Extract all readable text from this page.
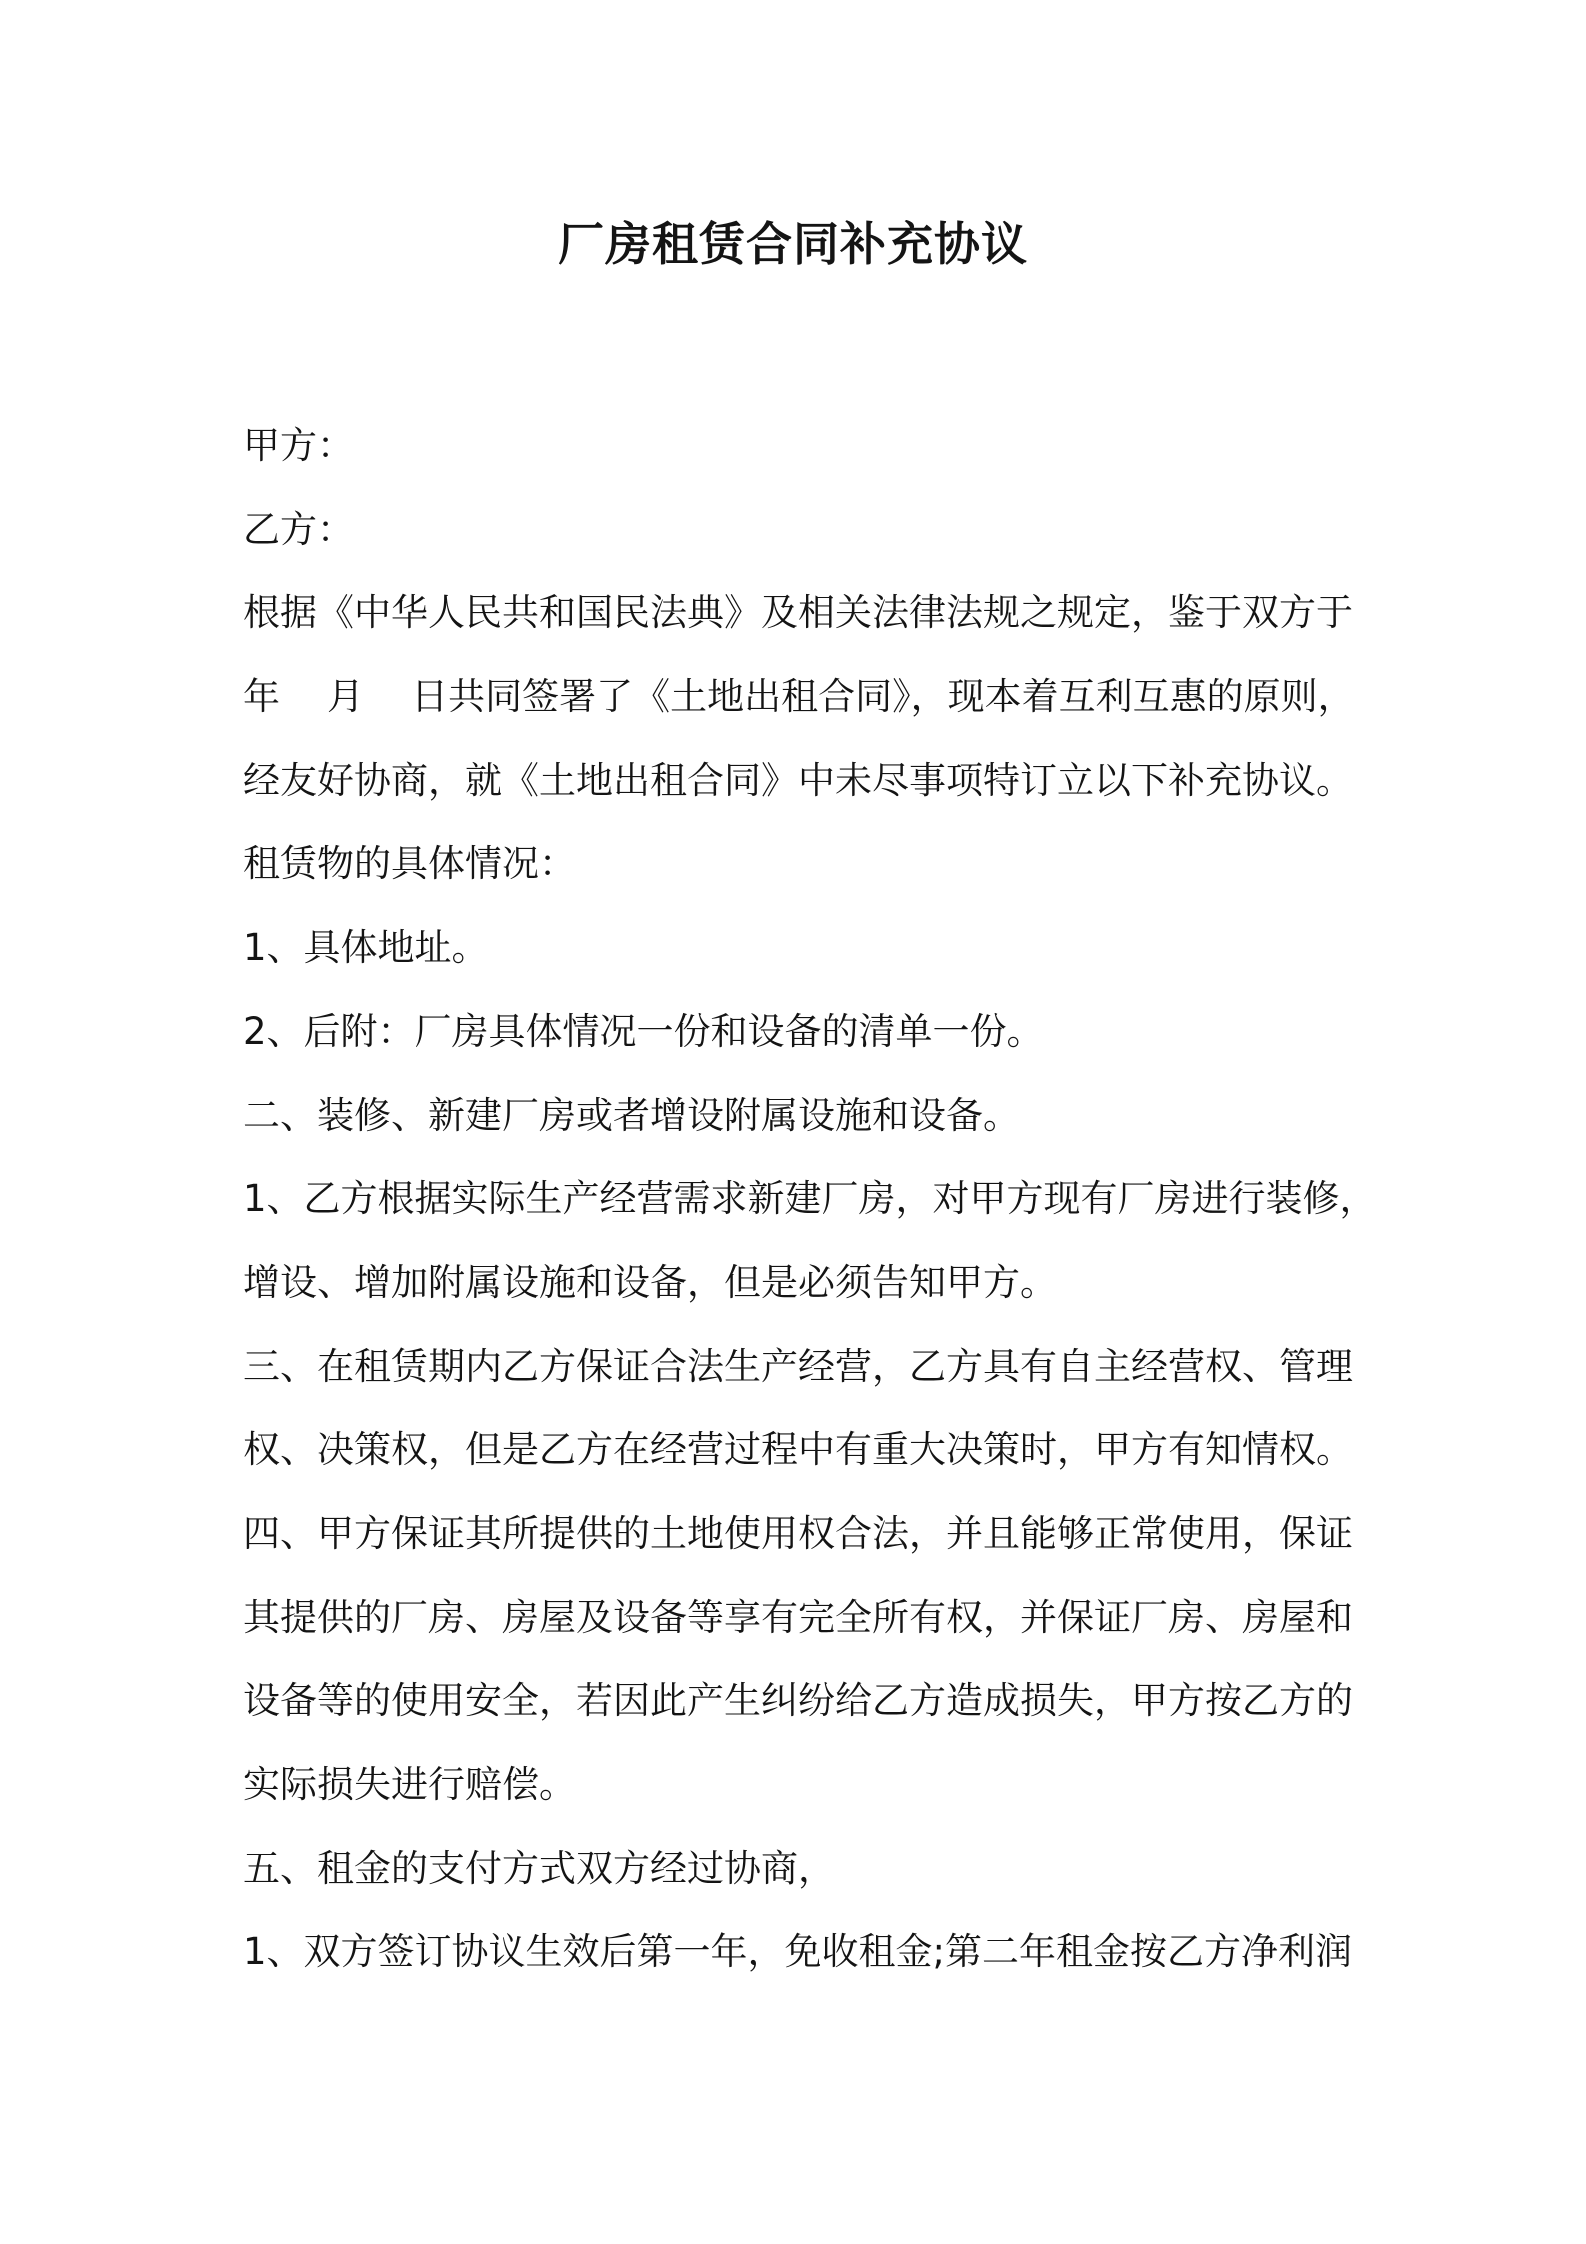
厂房租赁合同补充协议

甲方：

乙方：

根据《中华人民共和国民法典》及相关法律法规之规定，鉴于双方于

年    月    日共同签署了《土地出租合同》，现本着互利互惠的原则，

经友好协商，就《土地出租合同》中未尽事项特订立以下补充协议。

租赁物的具体情况：

1、具体地址。

2、后附：厂房具体情况一份和设备的清单一份。

二、装修、新建厂房或者增设附属设施和设备。

1、乙方根据实际生产经营需求新建厂房，对甲方现有厂房进行装修，

增设、增加附属设施和设备，但是必须告知甲方。

三、在租赁期内乙方保证合法生产经营，乙方具有自主经营权、管理

权、决策权，但是乙方在经营过程中有重大决策时，甲方有知情权。

四、甲方保证其所提供的土地使用权合法，并且能够正常使用，保证

其提供的厂房、房屋及设备等享有完全所有权，并保证厂房、房屋和

设备等的使用安全，若因此产生纠纷给乙方造成损失，甲方按乙方的

实际损失进行赔偿。

五、租金的支付方式双方经过协商，

1、双方签订协议生效后第一年，免收租金;第二年租金按乙方净利润
